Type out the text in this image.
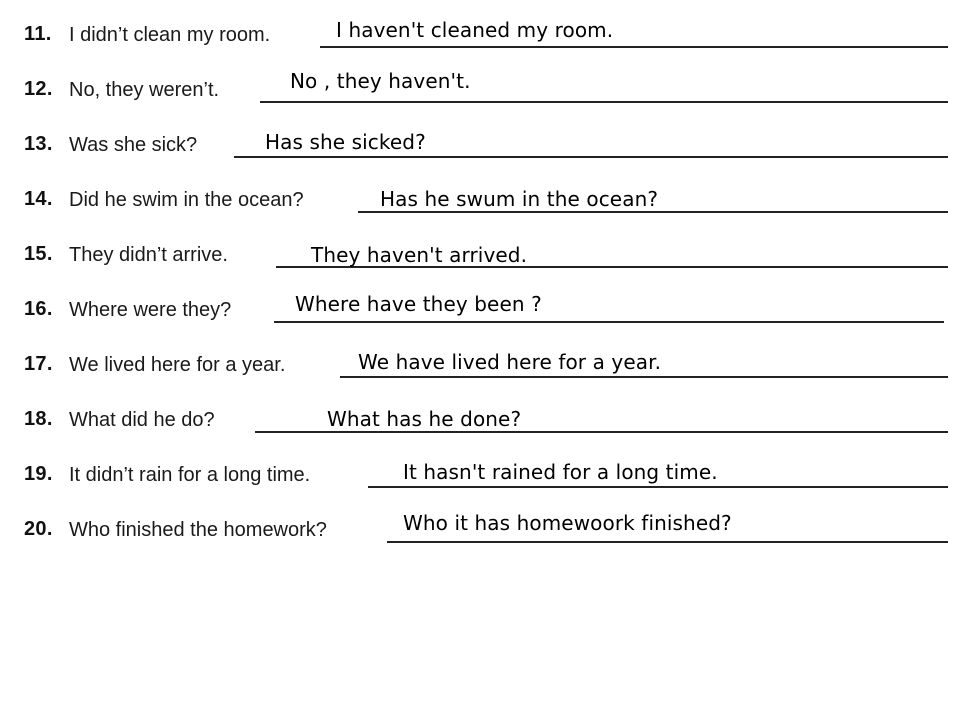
11. I didn’t clean my room.	I haven't cleaned my room.
12. No, they weren’t.	No , they haven't.
13. Was she sick?	Has she sicked?
14. Did he swim in the ocean?	Has he swum in the ocean?
15. They didn’t arrive.	They haven't arrived.
16. Where were they?	Where have they been ?
17. We lived here for a year.	We have lived here for a year.
18. What did he do?	What has he done?
19. It didn’t rain for a long time.	It hasn't rained for a long time.
20. Who finished the homework?	Who it has homewoork finished?
